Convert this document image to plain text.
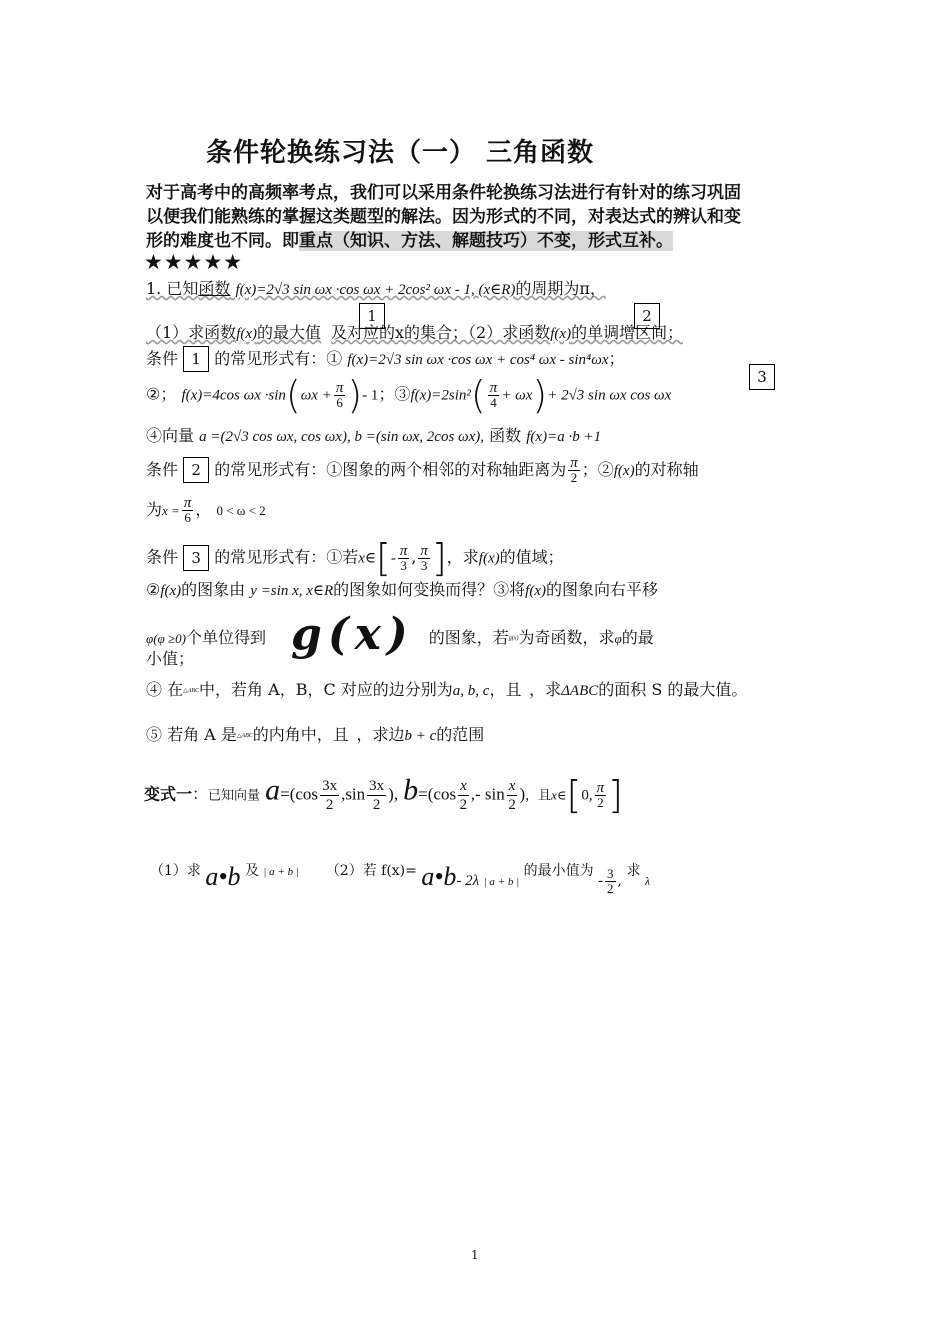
条件轮换练习法（一） 三角函数
对于高考中的高频率考点，我们可以采用条件轮换练习法进行有针对的练习巩固
以便我们能熟练的掌握这类题型的解法。因为形式的不同，对表达式的辨认和变
形的难度也不同。即重点（知识、方法、解题技巧）不变，形式互补。
★★★★★
1. 已知函数 f(x)=2√3 sin ωx ·cos ωx + 2cos² ωx - 1, (x∈R)的周期为π，
1	2
（1）求函数f(x)的最大值 及对应的x的集合；（2）求函数f(x)的单调增区间；
条件 1 的常见形式有：① f(x)=2√3 sin ωx ·cos ωx + cos⁴ ωx - sin⁴ωx；
3
②； f(x)=4cos $\omega x \cdot\sin(\omega x + \frac{\pi}{6}$ )- 1；③f(x)=2sin²( $\frac{\pi}{4} + \omega x)+ 2√3$ sin ωx cos ωx
④向量 a =(2√3 cos ωx, cos ωx), b =(sin ωx, 2cos ωx), 函数 f(x)=a ·b +1
条件 2 的常见形式有：①图象的两个相邻的对称轴距离为 $\frac{\pi}{2}$ ；②f(x)的对称轴
为$x = \frac{\pi}{6}$ ， 0 < ω < 2
条件 3 的常见形式有：①若x∈[- $\frac{\pi}{3}$ , $\frac{\pi}{3}$ ]，求f(x)的值域；
②f(x)的图象由 y =sin x, x∈R的图象如何变换而得？③将f(x)的图象向右平移
φ(φ ≥0)个单位得到 g(x) 的图象，若g(x)为奇函数，求φ的最
小值；
④ 在△ABC中，若角 A，B，C 对应的边分别为a, b, c，且 ，求ΔABC的面积 S 的最大值。
⑤ 若角 A 是△ABC的内角中，且 ，求边b + c的范围
变式一：已知向量 $a=(\cos \frac{3x}{2} ,\sin \frac{3x}{2}$ ), $b=(\cos \frac{x}{2}$ ,- $\sin \frac{x}{2}$ )，且x∈[0, $\frac{\pi}{2}$ ]
（1）求 a•b 及 | a + b | （2）若 f(x)= a•b- 2λ $_{| a + b |}$ 的最小值为 - $\frac{3}{2}$ , 求 λ
1
